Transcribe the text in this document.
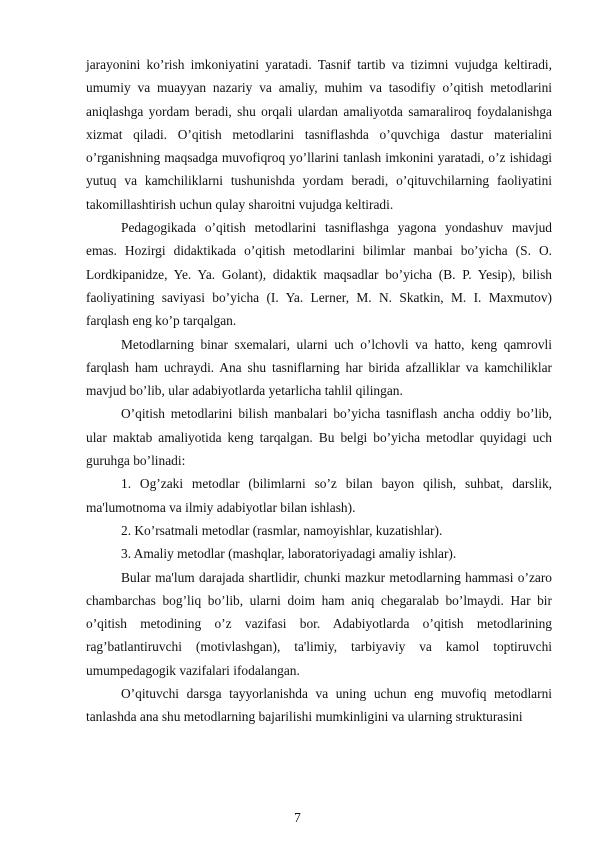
jarayonini ko’rish imkoniyatini yaratadi. Tasnif tartib va tizimni vujudga keltiradi, umumiy va muayyan nazariy va amaliy, muhim va tasodifiy o’qitish metodlarini aniqlashga yordam beradi, shu orqali ulardan amaliyotda samaraliroq foydalanishga xizmat qiladi. O’qitish metodlarini tasniflashda o’quvchiga dastur materialini o’rganishning maqsadga muvofiqroq yo’llarini tanlash imkonini yaratadi, o’z ishidagi yutuq va kamchiliklarni tushunishda yordam beradi, o’qituvchilarning faoliyatini takomillashtirish uchun qulay sharoitni vujudga keltiradi.

Pedagogikada o’qitish metodlarini tasniflashga yagona yondashuv mavjud emas. Hozirgi didaktikada o’qitish metodlarini bilimlar manbai bo’yicha (S. O. Lordkipanidze, Ye. Ya. Golant), didaktik maqsadlar bo’yicha (B. P. Yesip), bilish faoliyatining saviyasi bo’yicha (I. Ya. Lerner, M. N. Skatkin, M. I. Maxmutov) farqlash eng ko’p tarqalgan.

Metodlarning binar sxemalari, ularni uch o’lchovli va hatto, keng qamrovli farqlash ham uchraydi. Ana shu tasniflarning har birida afzalliklar va kamchiliklar mavjud bo’lib, ular adabiyotlarda yetarlicha tahlil qilingan.

O’qitish metodlarini bilish manbalari bo’yicha tasniflash ancha oddiy bo’lib, ular maktab amaliyotida keng tarqalgan. Bu belgi bo’yicha metodlar quyidagi uch guruhga bo’linadi:

1. Og’zaki metodlar (bilimlarni so’z bilan bayon qilish, suhbat, darslik, ma'lumotnoma va ilmiy adabiyotlar bilan ishlash).

2. Ko’rsatmali metodlar (rasmlar, namoyishlar, kuzatishlar).

3. Amaliy metodlar (mashqlar, laboratoriyadagi amaliy ishlar).

Bular ma'lum darajada shartlidir, chunki mazkur metodlarning hammasi o’zaro chambarchas bog’liq bo’lib, ularni doim ham aniq chegaralab bo’lmaydi. Har bir o’qitish metodining o’z vazifasi bor. Adabiyotlarda o’qitish metodlarining rag’batlantiruvchi (motivlashgan), ta'limiy, tarbiyaviy va kamol toptiruvchi umumpedagogik vazifalari ifodalangan.

O’qituvchi darsga tayyorlanishda va uning uchun eng muvofiq metodlarni tanlashda ana shu metodlarning bajarilishi mumkinligini va ularning strukturasini

7
